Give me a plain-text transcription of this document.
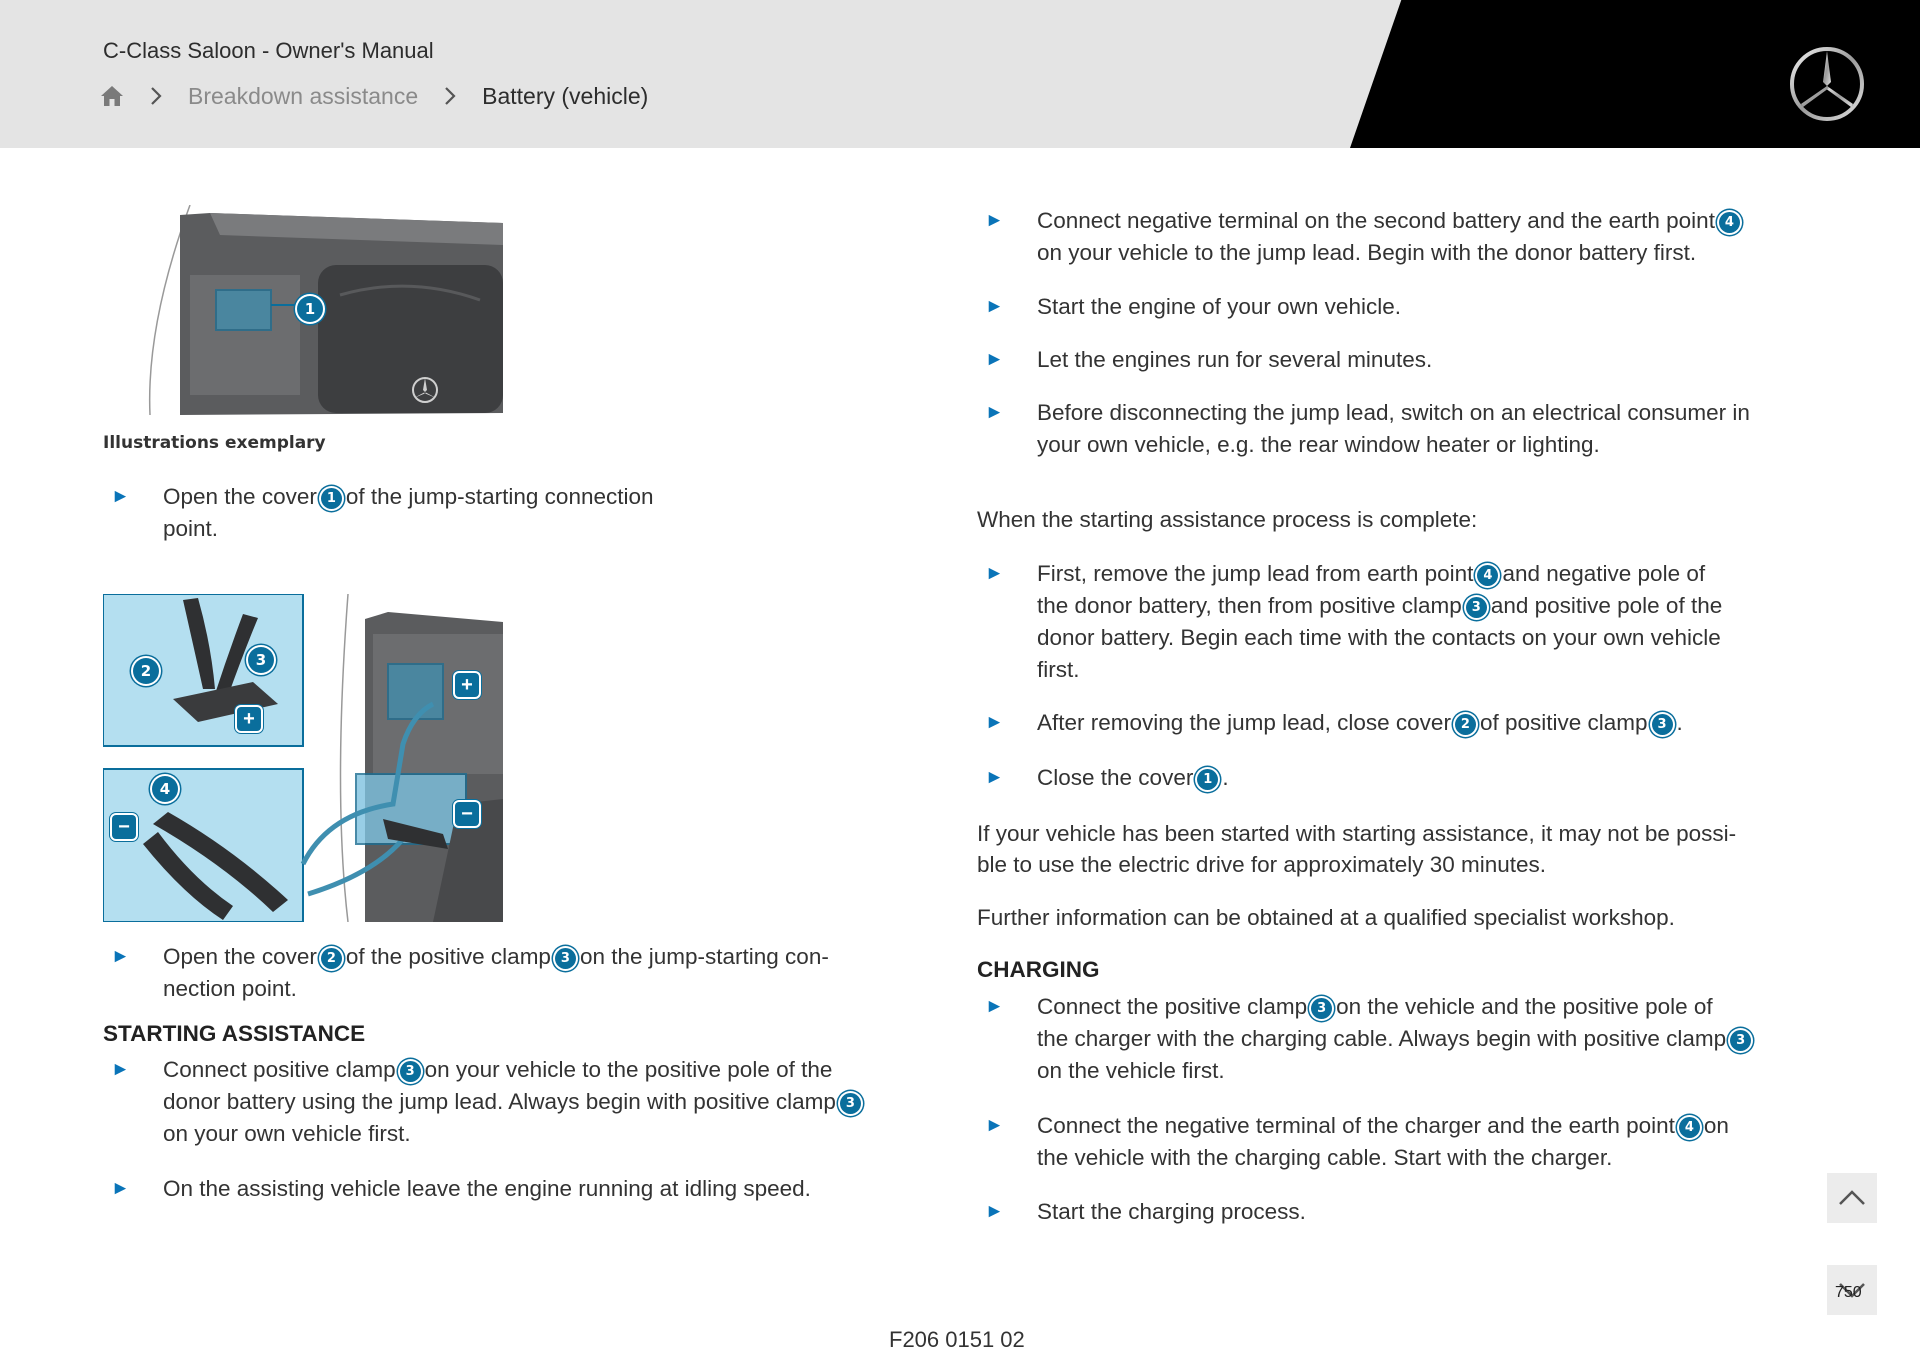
C-Class Saloon - Owner's Manual
Breakdown assistance	Battery (vehicle)
1
Illustrations exemplary
► Open the cover 1 of the jump-starting connection
point.
2
3
4
+
−
+
−
► Open the cover 2 of the positive clamp 3 on the jump-starting con-
nection point.
STARTING ASSISTANCE
► Connect positive clamp 3 on your vehicle to the positive pole of the
donor battery using the jump lead. Always begin with positive clamp 3
on your own vehicle first.
► On the assisting vehicle leave the engine running at idling speed.
► Connect negative terminal on the second battery and the earth point 4
on your vehicle to the jump lead. Begin with the donor battery first.
► Start the engine of your own vehicle.
► Let the engines run for several minutes.
► Before disconnecting the jump lead, switch on an electrical consumer in
your own vehicle, e.g. the rear window heater or lighting.
When the starting assistance process is complete:
► First, remove the jump lead from earth point 4 and negative pole of
the donor battery, then from positive clamp 3 and positive pole of the
donor battery. Begin each time with the contacts on your own vehicle
first.
► After removing the jump lead, close cover 2 of positive clamp 3 .
► Close the cover 1 .
If your vehicle has been started with starting assistance, it may not be possi-
ble to use the electric drive for approximately 30 minutes.
Further information can be obtained at a qualified specialist workshop.
CHARGING
► Connect the positive clamp 3 on the vehicle and the positive pole of
the charger with the charging cable. Always begin with positive clamp 3
on the vehicle first.
► Connect the negative terminal of the charger and the earth point 4 on
the vehicle with the charging cable. Start with the charger.
► Start the charging process.
750
F206 0151 02
